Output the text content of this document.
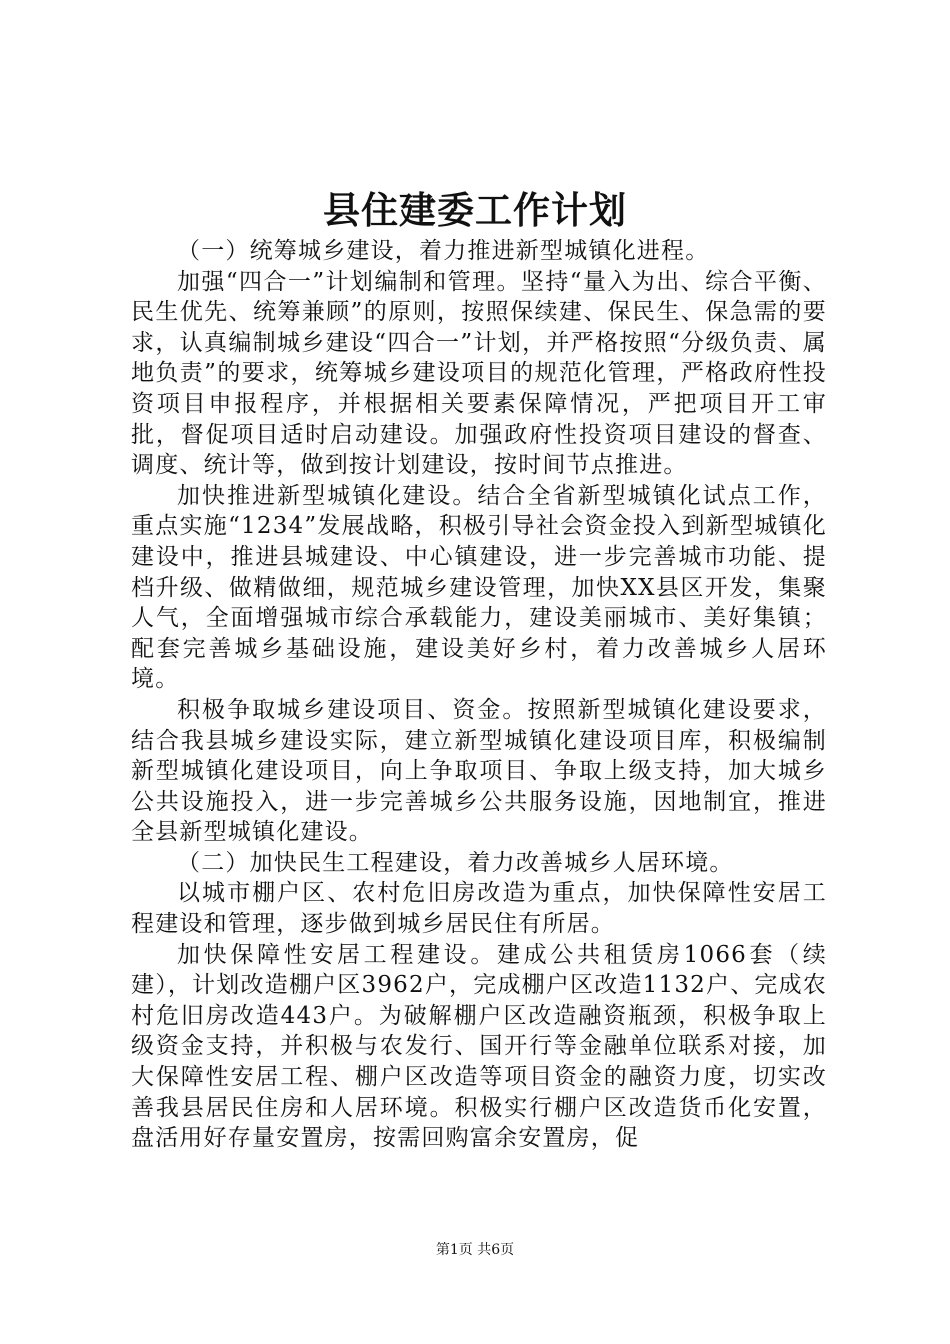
县住建委工作计划

（一）统筹城乡建设，着力推进新型城镇化进程。

加强“四合一”计划编制和管理。坚持“量入为出、综合平衡、民生优先、统筹兼顾”的原则，按照保续建、保民生、保急需的要求，认真编制城乡建设“四合一”计划，并严格按照“分级负责、属地负责”的要求，统筹城乡建设项目的规范化管理，严格政府性投资项目申报程序，并根据相关要素保障情况，严把项目开工审批，督促项目适时启动建设。加强政府性投资项目建设的督查、调度、统计等，做到按计划建设，按时间节点推进。

加快推进新型城镇化建设。结合全省新型城镇化试点工作，重点实施“1234”发展战略，积极引导社会资金投入到新型城镇化建设中，推进县城建设、中心镇建设，进一步完善城市功能、提档升级、做精做细，规范城乡建设管理，加快XX县区开发，集聚人气，全面增强城市综合承载能力，建设美丽城市、美好集镇；配套完善城乡基础设施，建设美好乡村，着力改善城乡人居环境。

积极争取城乡建设项目、资金。按照新型城镇化建设要求，结合我县城乡建设实际，建立新型城镇化建设项目库，积极编制新型城镇化建设项目，向上争取项目、争取上级支持，加大城乡公共设施投入，进一步完善城乡公共服务设施，因地制宜，推进全县新型城镇化建设。

（二）加快民生工程建设，着力改善城乡人居环境。

以城市棚户区、农村危旧房改造为重点，加快保障性安居工程建设和管理，逐步做到城乡居民住有所居。

加快保障性安居工程建设。建成公共租赁房1066套（续建），计划改造棚户区3962户，完成棚户区改造1132户、完成农村危旧房改造443户。为破解棚户区改造融资瓶颈，积极争取上级资金支持，并积极与农发行、国开行等金融单位联系对接，加大保障性安居工程、棚户区改造等项目资金的融资力度，切实改善我县居民住房和人居环境。积极实行棚户区改造货币化安置，盘活用好存量安置房，按需回购富余安置房，促

第1页 共6页
